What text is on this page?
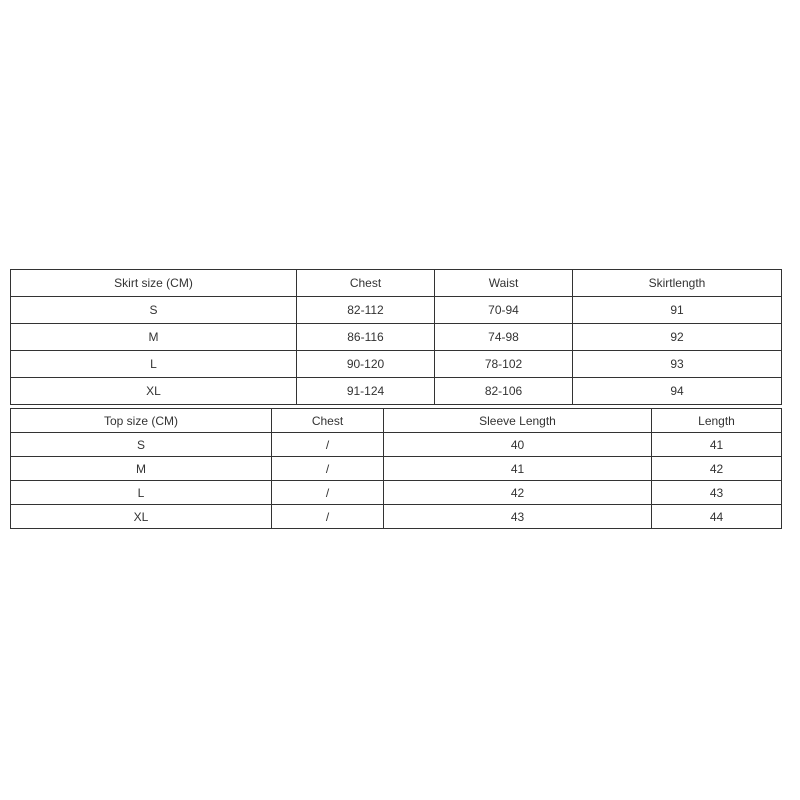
Skirt size (CM)	Chest	Waist	Skirtlength
S	82-112	70-94	91
M	86-116	74-98	92
L	90-120	78-102	93
XL	91-124	82-106	94
Top size (CM)	Chest	Sleeve Length	Length
S	/	40	41
M	/	41	42
L	/	42	43
XL	/	43	44
